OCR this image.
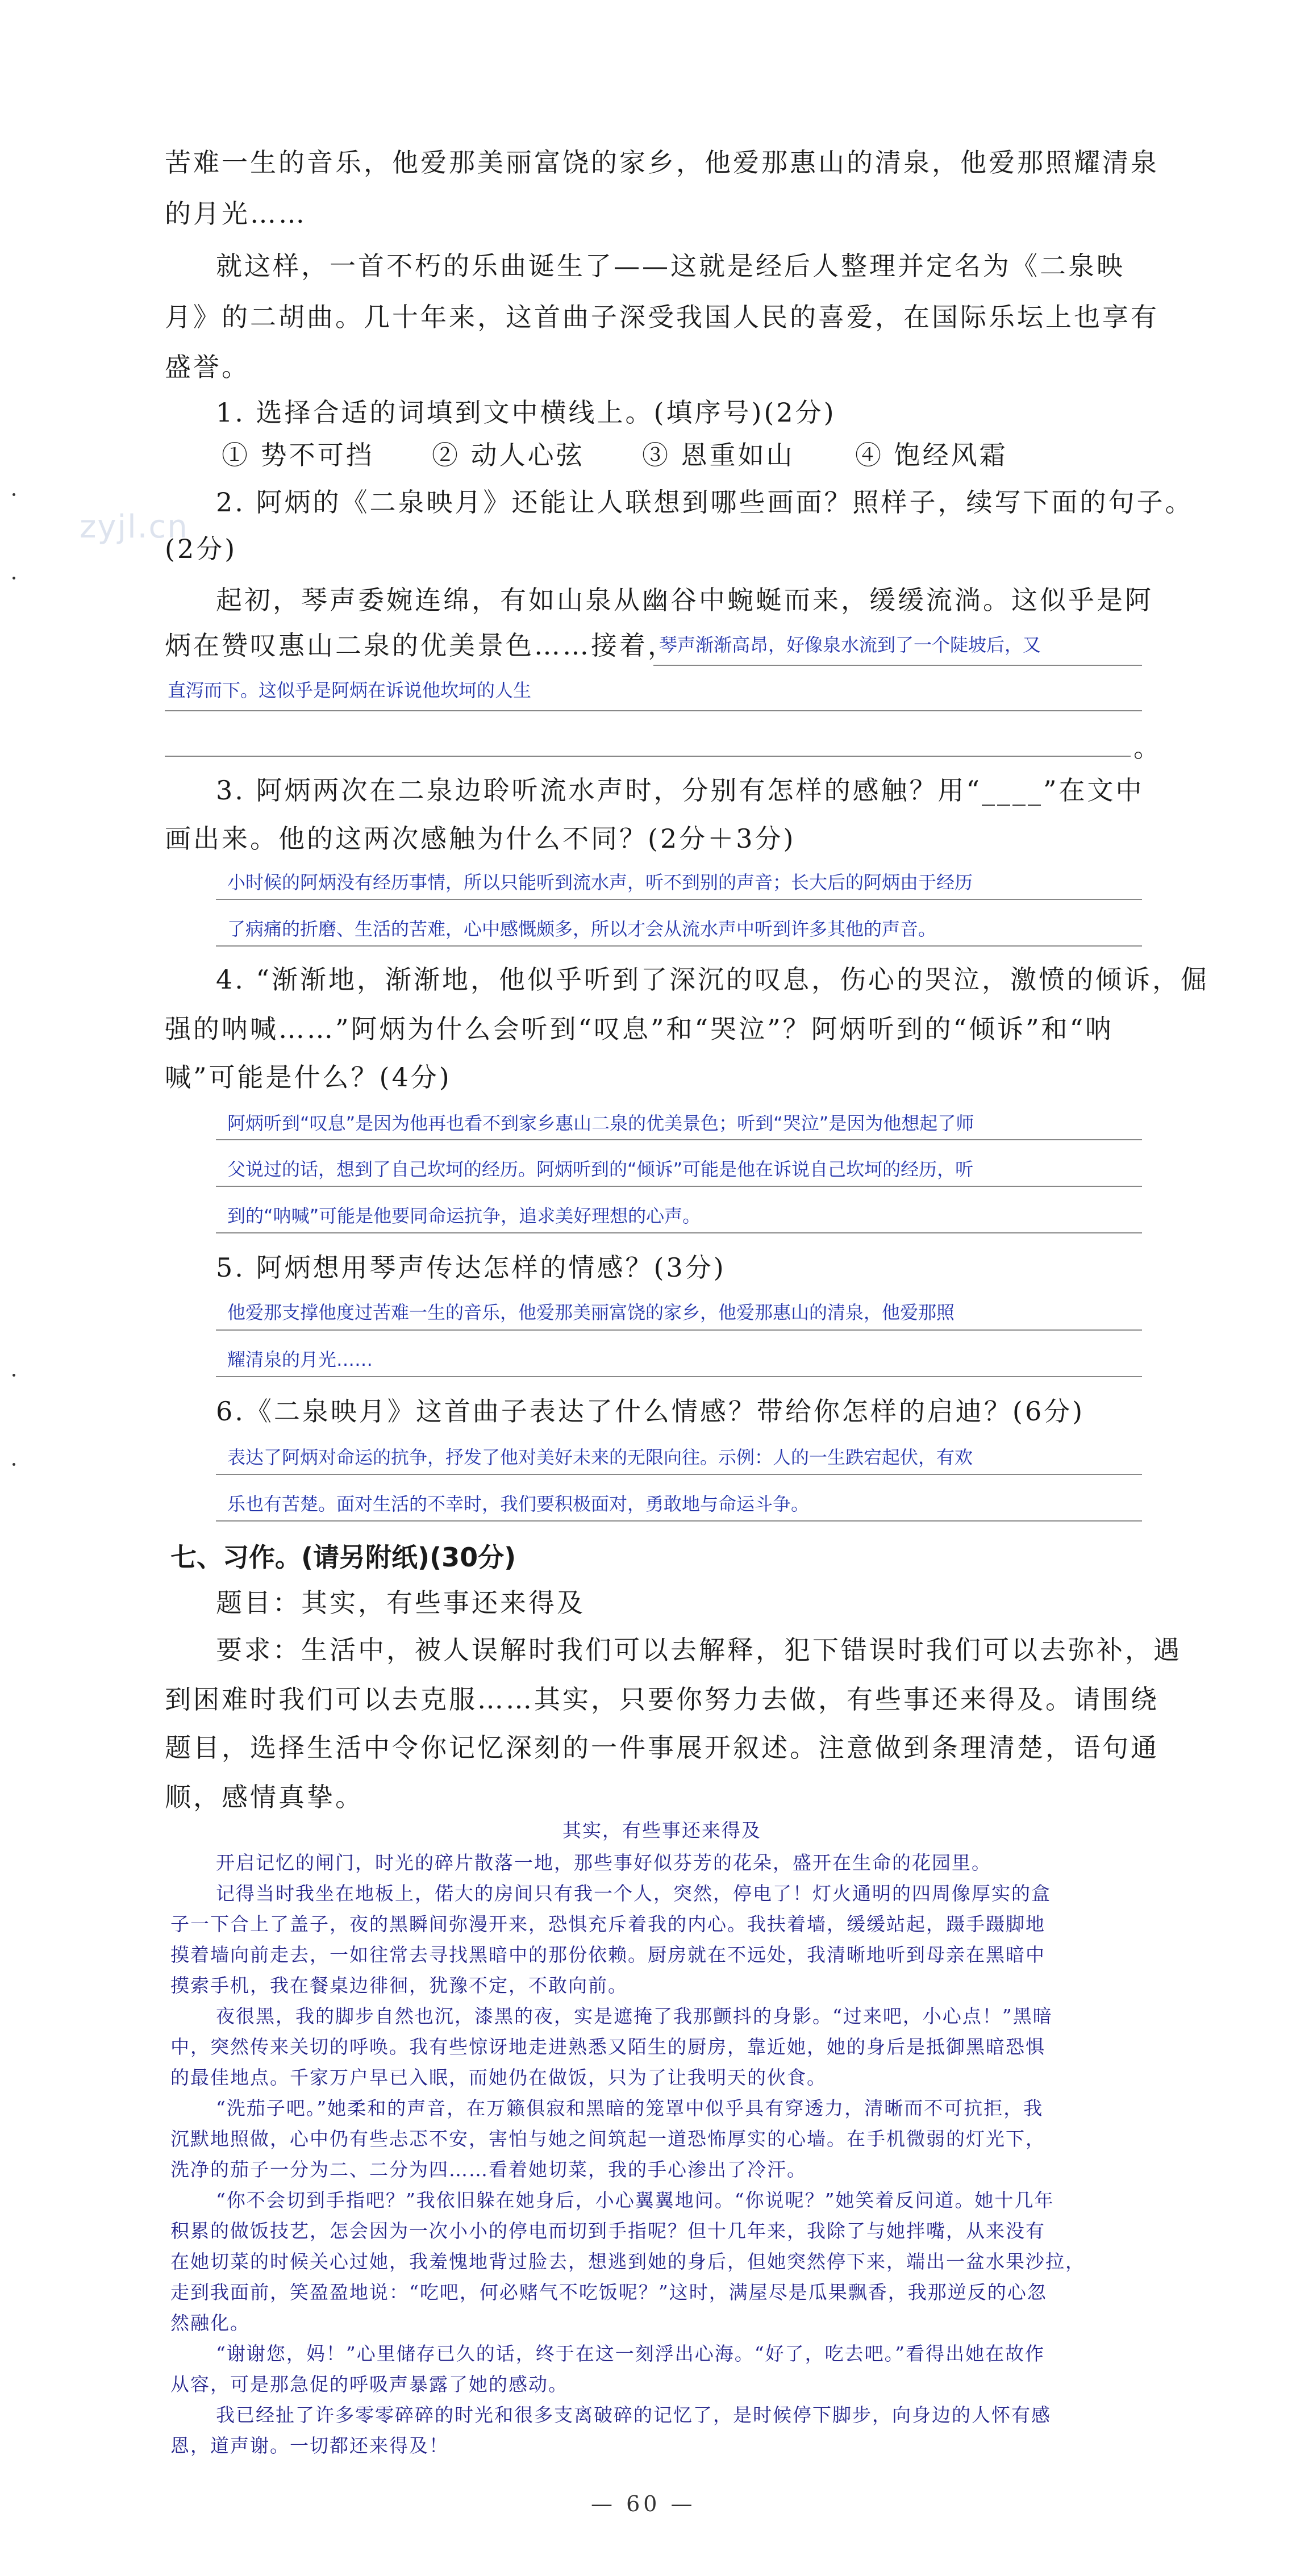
zyjl.cn
苦难一生的音乐，他爱那美丽富饶的家乡，他爱那惠山的清泉，他爱那照耀清泉
的月光……
就这样，一首不朽的乐曲诞生了——这就是经后人整理并定名为《二泉映
月》的二胡曲。几十年来，这首曲子深受我国人民的喜爱，在国际乐坛上也享有
盛誉。
1. 选择合适的词填到文中横线上。(填序号)(2分)
① 势不可挡 ② 动人心弦 ③ 恩重如山 ④ 饱经风霜
2. 阿炳的《二泉映月》还能让人联想到哪些画面？照样子，续写下面的句子。
(2分)
起初，琴声委婉连绵，有如山泉从幽谷中蜿蜒而来，缓缓流淌。这似乎是阿
炳在赞叹惠山二泉的优美景色……接着，
琴声渐渐高昂，好像泉水流到了一个陡坡后，又
直泻而下。这似乎是阿炳在诉说他坎坷的人生
。
3. 阿炳两次在二泉边聆听流水声时，分别有怎样的感触？用“____”在文中
画出来。他的这两次感触为什么不同？(2分＋3分)
小时候的阿炳没有经历事情，所以只能听到流水声，听不到别的声音；长大后的阿炳由于经历
了病痛的折磨、生活的苦难，心中感慨颇多，所以才会从流水声中听到许多其他的声音。
4. “渐渐地，渐渐地，他似乎听到了深沉的叹息，伤心的哭泣，激愤的倾诉，倔
强的呐喊……”阿炳为什么会听到“叹息”和“哭泣”？阿炳听到的“倾诉”和“呐
喊”可能是什么？(4分)
阿炳听到“叹息”是因为他再也看不到家乡惠山二泉的优美景色；听到“哭泣”是因为他想起了师
父说过的话，想到了自己坎坷的经历。阿炳听到的“倾诉”可能是他在诉说自己坎坷的经历，听
到的“呐喊”可能是他要同命运抗争，追求美好理想的心声。
5. 阿炳想用琴声传达怎样的情感？(3分)
他爱那支撑他度过苦难一生的音乐，他爱那美丽富饶的家乡，他爱那惠山的清泉，他爱那照
耀清泉的月光……
6.《二泉映月》这首曲子表达了什么情感？带给你怎样的启迪？(6分)
表达了阿炳对命运的抗争，抒发了他对美好未来的无限向往。示例：人的一生跌宕起伏，有欢
乐也有苦楚。面对生活的不幸时，我们要积极面对，勇敢地与命运斗争。
七、习作。(请另附纸)(30分)
题目：其实，有些事还来得及
要求：生活中，被人误解时我们可以去解释，犯下错误时我们可以去弥补，遇
到困难时我们可以去克服……其实，只要你努力去做，有些事还来得及。请围绕
题目，选择生活中令你记忆深刻的一件事展开叙述。注意做到条理清楚，语句通
顺，感情真挚。
其实，有些事还来得及
开启记忆的闸门，时光的碎片散落一地，那些事好似芬芳的花朵，盛开在生命的花园里。
记得当时我坐在地板上，偌大的房间只有我一个人，突然，停电了！灯火通明的四周像厚实的盒
子一下合上了盖子，夜的黑瞬间弥漫开来，恐惧充斥着我的内心。我扶着墙，缓缓站起，蹑手蹑脚地
摸着墙向前走去，一如往常去寻找黑暗中的那份依赖。厨房就在不远处，我清晰地听到母亲在黑暗中
摸索手机，我在餐桌边徘徊，犹豫不定，不敢向前。
夜很黑，我的脚步自然也沉，漆黑的夜，实是遮掩了我那颤抖的身影。“过来吧，小心点！”黑暗
中，突然传来关切的呼唤。我有些惊讶地走进熟悉又陌生的厨房，靠近她，她的身后是抵御黑暗恐惧
的最佳地点。千家万户早已入眠，而她仍在做饭，只为了让我明天的伙食。
“洗茄子吧。”她柔和的声音，在万籁俱寂和黑暗的笼罩中似乎具有穿透力，清晰而不可抗拒，我
沉默地照做，心中仍有些忐忑不安，害怕与她之间筑起一道恐怖厚实的心墙。在手机微弱的灯光下，
洗净的茄子一分为二、二分为四……看着她切菜，我的手心渗出了冷汗。
“你不会切到手指吧？”我依旧躲在她身后，小心翼翼地问。“你说呢？”她笑着反问道。她十几年
积累的做饭技艺，怎会因为一次小小的停电而切到手指呢？但十几年来，我除了与她拌嘴，从来没有
在她切菜的时候关心过她，我羞愧地背过脸去，想逃到她的身后，但她突然停下来，端出一盆水果沙拉，
走到我面前，笑盈盈地说：“吃吧，何必赌气不吃饭呢？”这时，满屋尽是瓜果飘香，我那逆反的心忽
然融化。
“谢谢您，妈！”心里储存已久的话，终于在这一刻浮出心海。“好了，吃去吧。”看得出她在故作
从容，可是那急促的呼吸声暴露了她的感动。
我已经扯了许多零零碎碎的时光和很多支离破碎的记忆了，是时候停下脚步，向身边的人怀有感
恩，道声谢。一切都还来得及！
— 60 —
